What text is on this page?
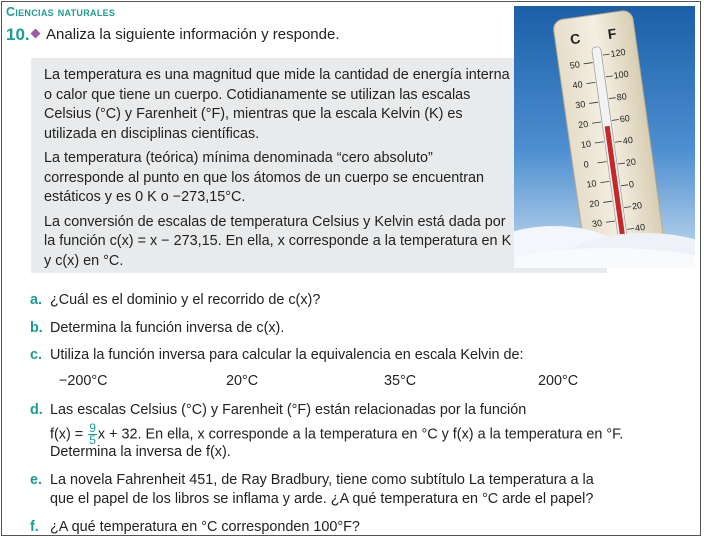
Ciencias naturales
10. Analiza la siguiente información y responde.

La temperatura es una magnitud que mide la cantidad de energía interna o calor que tiene un cuerpo. Cotidianamente se utilizan las escalas Celsius (°C) y Farenheit (°F), mientras que la escala Kelvin (K) es utilizada en disciplinas científicas.

La temperatura (teórica) mínima denominada “cero absoluto” corresponde al punto en que los átomos de un cuerpo se encuentran estáticos y es 0 K o −273,15°C.

La conversión de escalas de temperatura Celsius y Kelvin está dada por la función c(x) = x − 273,15. En ella, x corresponde a la temperatura en K y c(x) en °C.

C F
50
40
30
20
10
0
10
20
30
120
100
80
60
40
20
0
20
40
a. ¿Cuál es el dominio y el recorrido de c(x)?
b. Determina la función inversa de c(x).
c. Utiliza la función inversa para calcular la equivalencia en escala Kelvin de:
−200°C	20°C	35°C	200°C
d. Las escalas Celsius (°C) y Farenheit (°F) están relacionadas por la función
$f(x) = \frac{9}{5}$ x + 32. En ella, x corresponde a la temperatura en °C y f(x) a la temperatura en °F.
Determina la inversa de f(x).
e. La novela Fahrenheit 451, de Ray Bradbury, tiene como subtítulo La temperatura a la
que el papel de los libros se inflama y arde. ¿A qué temperatura en °C arde el papel?
f. ¿A qué temperatura en °C corresponden 100°F?
